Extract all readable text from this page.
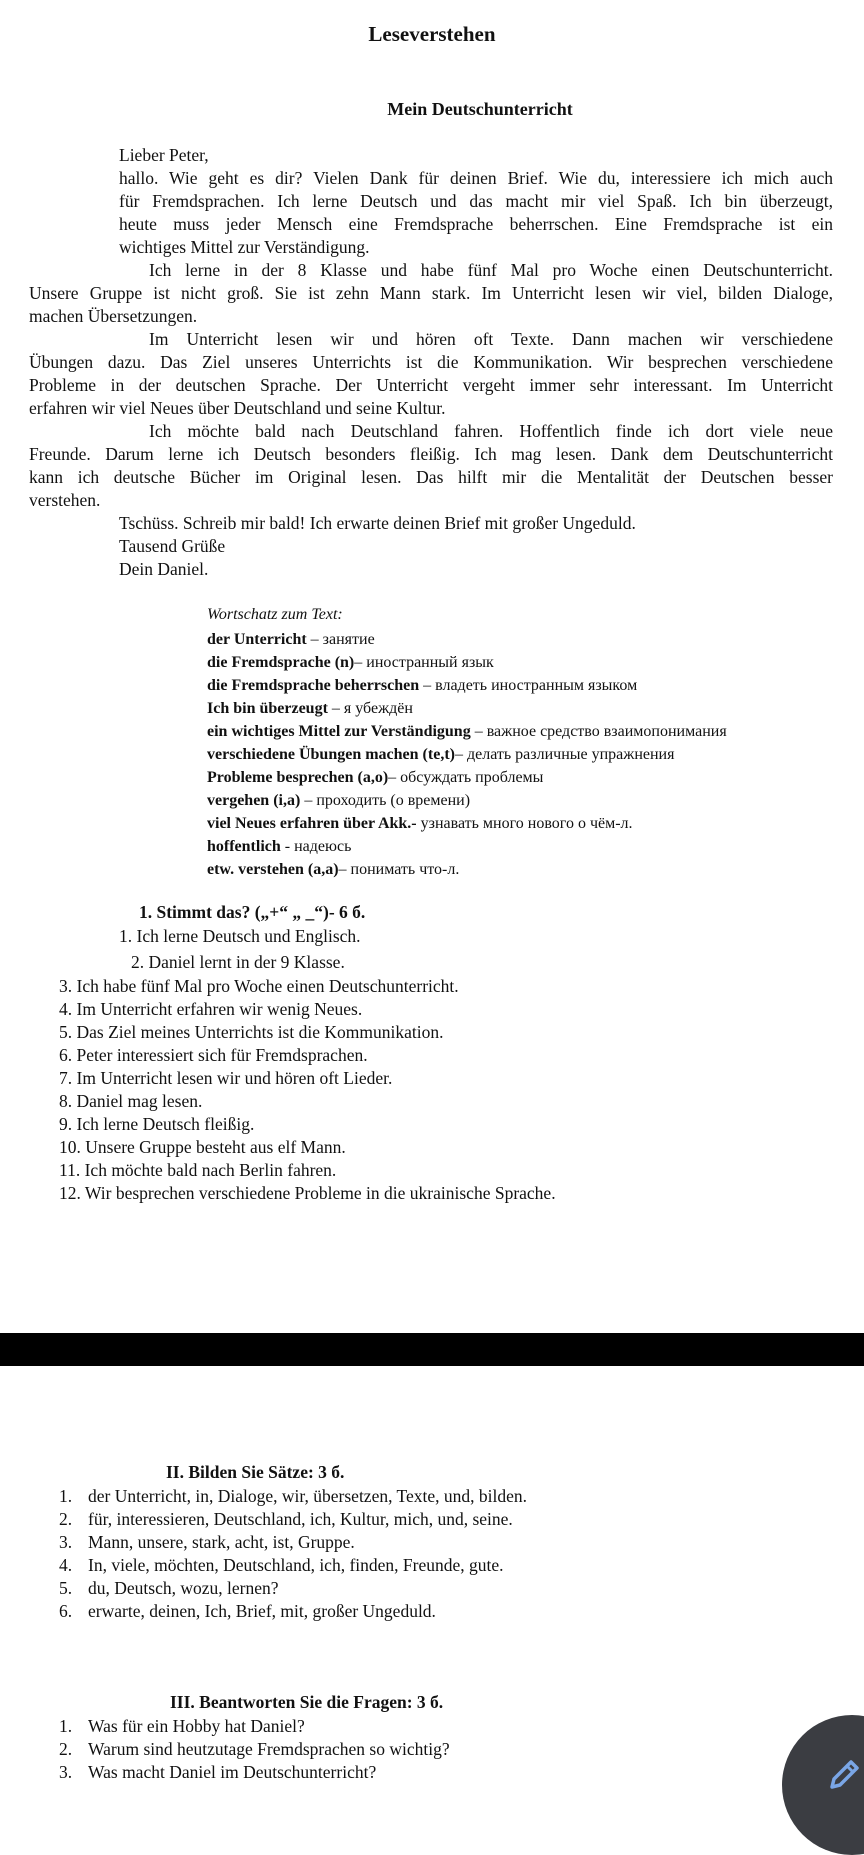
Leseverstehen
Mein Deutschunterricht
Lieber Peter,
hallo. Wie geht es dir? Vielen Dank für deinen Brief. Wie du, interessiere ich mich auch
für Fremdsprachen. Ich lerne Deutsch und das macht mir viel Spaß. Ich bin überzeugt,
heute muss jeder Mensch eine Fremdsprache beherrschen. Eine Fremdsprache ist ein
wichtiges Mittel zur Verständigung.
Ich lerne in der 8 Klasse und habe fünf Mal pro Woche einen Deutschunterricht.
Unsere Gruppe ist nicht groß. Sie ist zehn Mann stark. Im Unterricht lesen wir viel, bilden Dialoge,
machen Übersetzungen.
Im Unterricht lesen wir und hören oft Texte. Dann machen wir verschiedene
Übungen dazu. Das Ziel unseres Unterrichts ist die Kommunikation. Wir besprechen verschiedene
Probleme in der deutschen Sprache. Der Unterricht vergeht immer sehr interessant. Im Unterricht
erfahren wir viel Neues über Deutschland und seine Kultur.
Ich möchte bald nach Deutschland fahren. Hoffentlich finde ich dort viele neue
Freunde. Darum lerne ich Deutsch besonders fleißig. Ich mag lesen. Dank dem Deutschunterricht
kann ich deutsche Bücher im Original lesen. Das hilft mir die Mentalität der Deutschen besser
verstehen.
Tschüss. Schreib mir bald! Ich erwarte deinen Brief mit großer Ungeduld.
Tausend Grüße
Dein Daniel.
Wortschatz zum Text:
der Unterricht – занятие
die Fremdsprache (n)– иностранный язык
die Fremdsprache beherrschen – владеть иностранным языком
Ich bin überzeugt – я убеждён
ein wichtiges Mittel zur Verständigung – важное средство взаимопонимания
verschiedene Übungen machen (te,t)– делать различные упражнения
Probleme besprechen (a,o)– обсуждать проблемы
vergehen (i,a) – проходить (о времени)
viel Neues erfahren über Akk.- узнавать много нового о чём-л.
hoffentlich - надеюсь
etw. verstehen (a,a)– понимать что-л.
1. Stimmt das? („+“ „ _“)- 6 б.
1. Ich lerne Deutsch und Englisch.
2. Daniel lernt in der 9 Klasse.
3. Ich habe fünf Mal pro Woche einen Deutschunterricht.
4. Im Unterricht erfahren wir wenig Neues.
5. Das Ziel meines Unterrichts ist die Kommunikation.
6. Peter interessiert sich für Fremdsprachen.
7. Im Unterricht lesen wir und hören oft Lieder.
8. Daniel mag lesen.
9. Ich lerne Deutsch fleißig.
10. Unsere Gruppe besteht aus elf Mann.
11. Ich möchte bald nach Berlin fahren.
12. Wir besprechen verschiedene Probleme in die ukrainische Sprache.
II. Bilden Sie Sätze: 3 б.
1. der Unterricht, in, Dialoge, wir, übersetzen, Texte, und, bilden.
2. für, interessieren, Deutschland, ich, Kultur, mich, und, seine.
3. Mann, unsere, stark, acht, ist, Gruppe.
4. In, viele, möchten, Deutschland, ich, finden, Freunde, gute.
5. du, Deutsch, wozu, lernen?
6. erwarte, deinen, Ich, Brief, mit, großer Ungeduld.
III. Beantworten Sie die Fragen: 3 б.
1. Was für ein Hobby hat Daniel?
2. Warum sind heutzutage Fremdsprachen so wichtig?
3. Was macht Daniel im Deutschunterricht?
